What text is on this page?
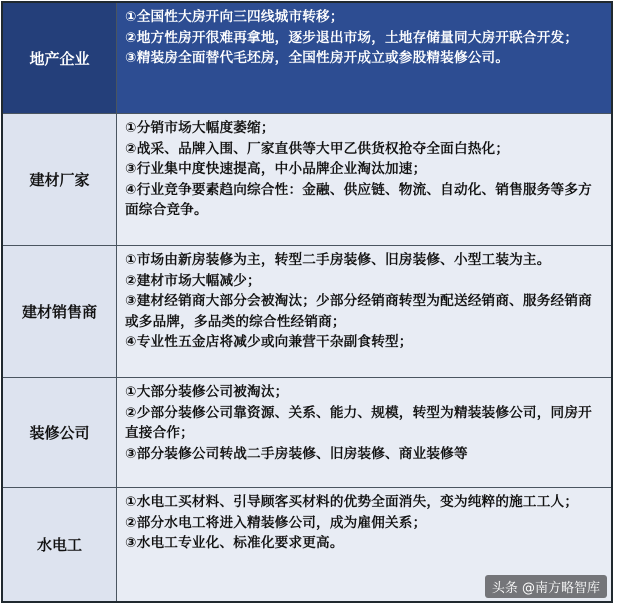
地产企业

①全国性大房开向三四线城市转移；

②地方性房开很难再拿地，逐步退出市场，土地存储量同大房开联合开发；

③精装房全面替代毛坯房，全国性房开成立或参股精装修公司。

建材厂家

①分销市场大幅度萎缩；

②战采、品牌入围、厂家直供等大甲乙供货权抢夺全面白热化；

③行业集中度快速提高，中小品牌企业淘汰加速；

④行业竞争要素趋向综合性：金融、供应链、物流、自动化、销售服务等多方面综合竞争。

建材销售商

①市场由新房装修为主，转型二手房装修、旧房装修、小型工装为主。

②建材市场大幅减少；

③建材经销商大部分会被淘汰；少部分经销商转型为配送经销商、服务经销商或多品牌，多品类的综合性经销商；

④专业性五金店将减少或向兼营干杂副食转型；

装修公司

①大部分装修公司被淘汰；

②少部分装修公司靠资源、关系、能力、规模，转型为精装装修公司，同房开直接合作；

③部分装修公司转战二手房装修、旧房装修、商业装修等

水电工

①水电工买材料、引导顾客买材料的优势全面消失，变为纯粹的施工工人；

②部分水电工将进入精装修公司，成为雇佣关系；

③水电工专业化、标准化要求更高。

头条 @南方略智库
